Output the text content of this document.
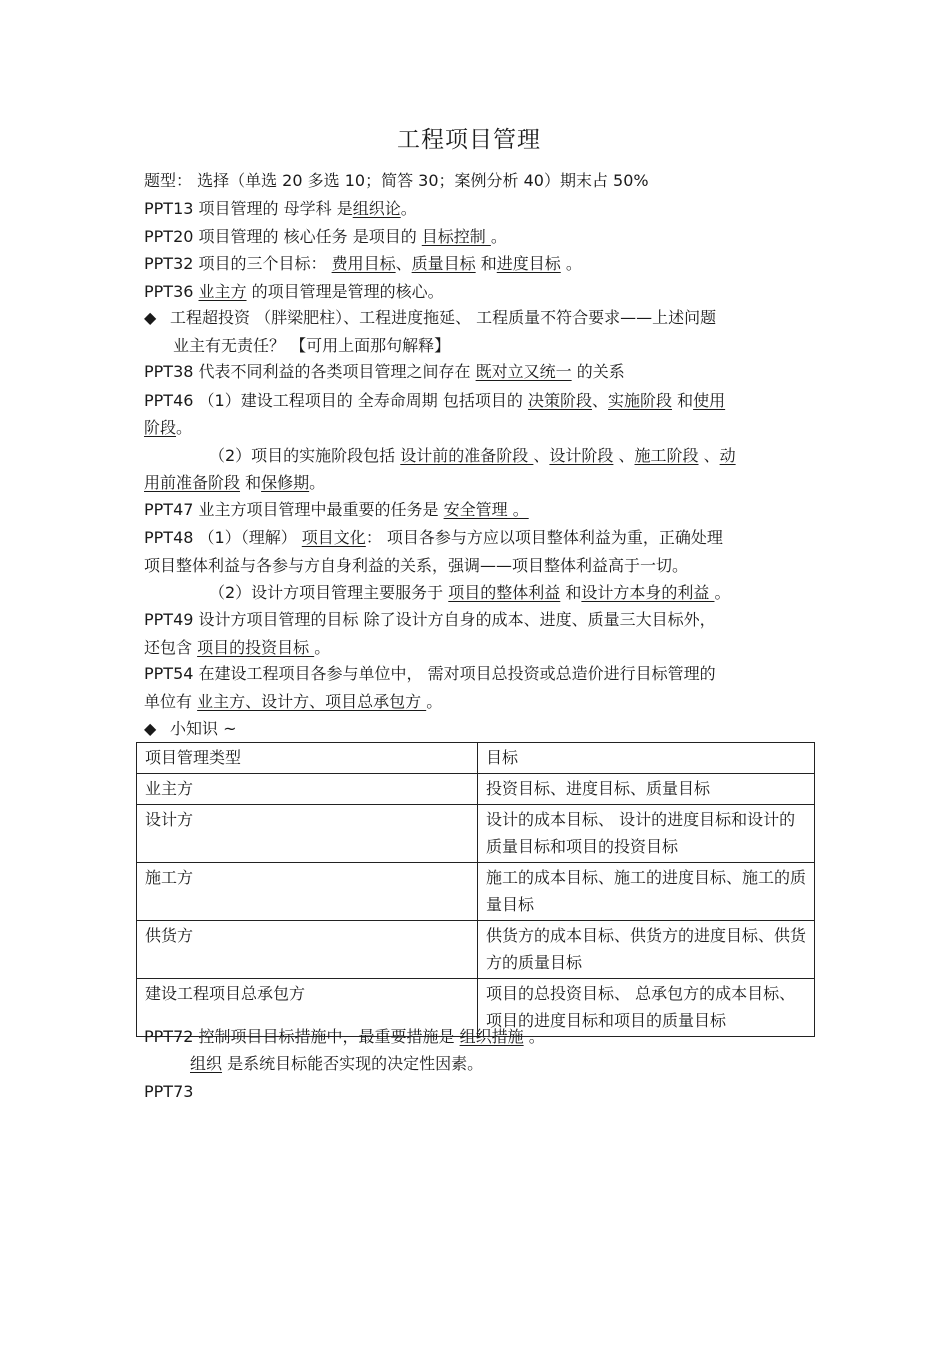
工程项目管理
题型： 选择（单选 20 多选 10；简答 30；案例分析 40）期末占 50%
PPT13 项目管理的 母学科 是组织论。
PPT20 项目管理的 核心任务 是项目的 目标控制 。
PPT32 项目的三个目标： 费用目标、质量目标 和进度目标 。
PPT36 业主方 的项目管理是管理的核心。
◆ 工程超投资 （胖梁肥柱）、工程进度拖延、 工程质量不符合要求——上述问题
业主有无责任？ 【可用上面那句解释】
PPT38 代表不同利益的各类项目管理之间存在 既对立又统一 的关系
PPT46 （1）建设工程项目的 全寿命周期 包括项目的 决策阶段、实施阶段 和使用
阶段。
（2）项目的实施阶段包括 设计前的准备阶段 、设计阶段 、施工阶段 、动
用前准备阶段 和保修期。
PPT47 业主方项目管理中最重要的任务是 安全管理 。
PPT48 （1）（理解） 项目文化： 项目各参与方应以项目整体利益为重，正确处理
项目整体利益与各参与方自身利益的关系，强调——项目整体利益高于一切。
（2）设计方项目管理主要服务于 项目的整体利益 和设计方本身的利益 。
PPT49 设计方项目管理的目标 除了设计方自身的成本、进度、质量三大目标外，
还包含 项目的投资目标 。
PPT54 在建设工程项目各参与单位中， 需对项目总投资或总造价进行目标管理的
单位有 业主方、设计方、项目总承包方 。
◆ 小知识 ~
项目管理类型	目标
业主方	投资目标、进度目标、质量目标
设计方	设计的成本目标、 设计的进度目标和设计的质量目标和项目的投资目标
施工方	施工的成本目标、施工的进度目标、施工的质量目标
供货方	供货方的成本目标、供货方的进度目标、供货方的质量目标
建设工程项目总承包方	项目的总投资目标、 总承包方的成本目标、项目的进度目标和项目的质量目标
PPT72 控制项目目标措施中，最重要措施是 组织措施 。
组织 是系统目标能否实现的决定性因素。
PPT73
